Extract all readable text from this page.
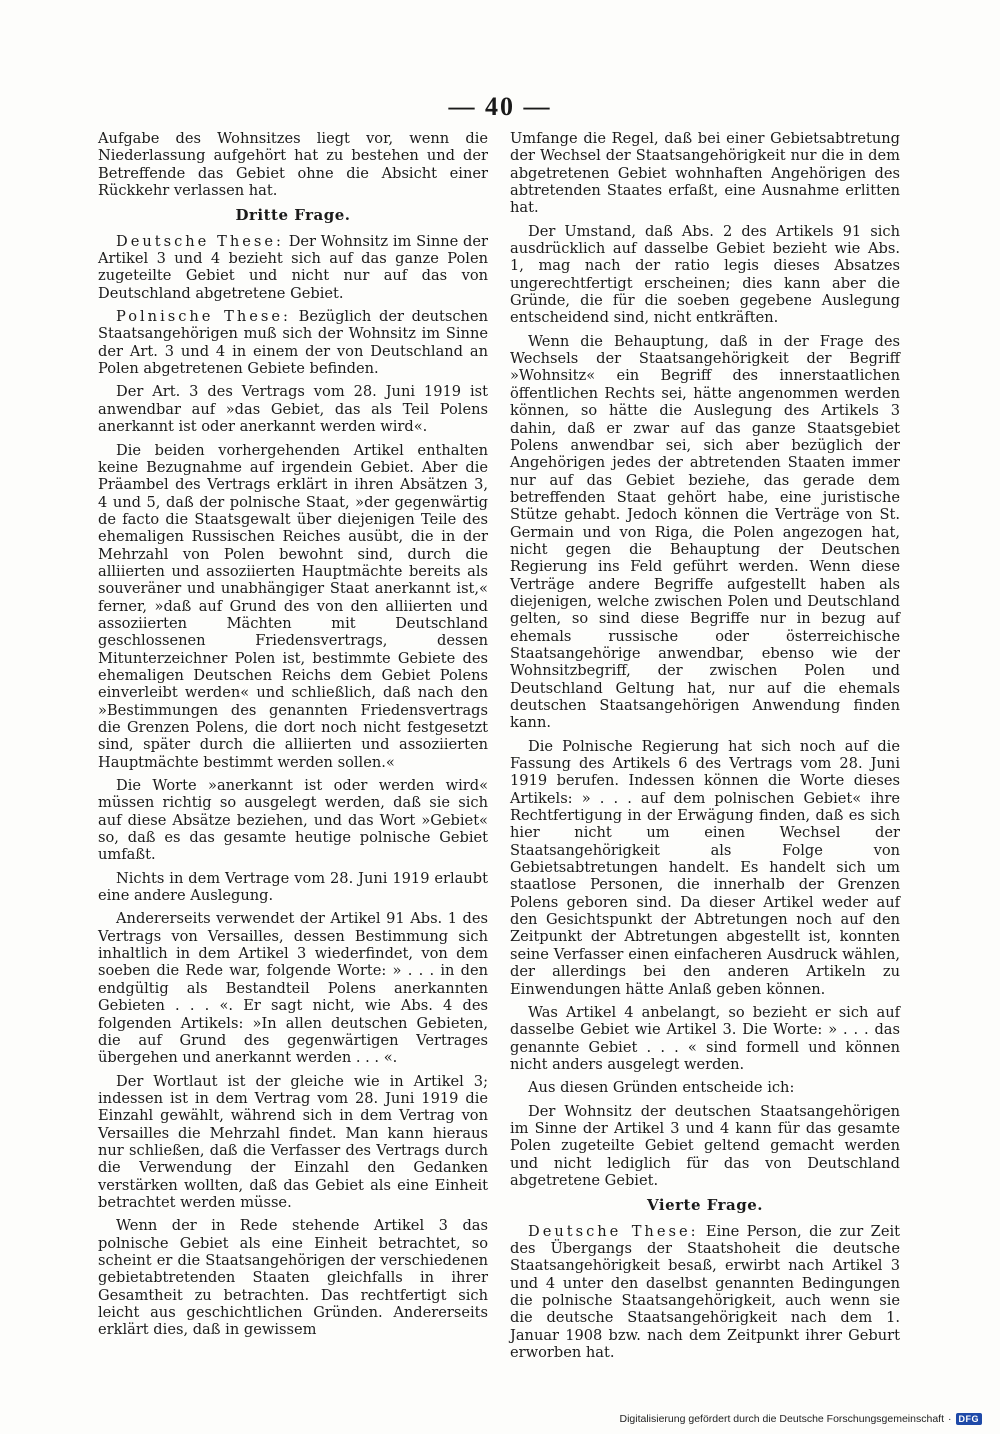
— 40 —

Aufgabe des Wohnsitzes liegt vor, wenn die Niederlassung aufgehört hat zu bestehen und der Betreffende das Gebiet ohne die Absicht einer Rückkehr verlassen hat.

Dritte Frage.

Deutsche These: Der Wohnsitz im Sinne der Artikel 3 und 4 bezieht sich auf das ganze Polen zugeteilte Gebiet und nicht nur auf das von Deutschland abgetretene Gebiet.

Polnische These: Bezüglich der deutschen Staatsangehörigen muß sich der Wohnsitz im Sinne der Art. 3 und 4 in einem der von Deutschland an Polen abgetretenen Gebiete befinden.

Der Art. 3 des Vertrags vom 28. Juni 1919 ist anwendbar auf »das Gebiet, das als Teil Polens anerkannt ist oder anerkannt werden wird«.

Die beiden vorhergehenden Artikel enthalten keine Bezugnahme auf irgendein Gebiet. Aber die Präambel des Vertrags erklärt in ihren Absätzen 3, 4 und 5, daß der polnische Staat, »der gegenwärtig de facto die Staatsgewalt über diejenigen Teile des ehemaligen Russischen Reiches ausübt, die in der Mehrzahl von Polen bewohnt sind, durch die alliierten und assoziierten Hauptmächte bereits als souveräner und unabhängiger Staat anerkannt ist,« ferner, »daß auf Grund des von den alliierten und assoziierten Mächten mit Deutschland geschlossenen Friedensvertrags, dessen Mitunterzeichner Polen ist, bestimmte Gebiete des ehemaligen Deutschen Reichs dem Gebiet Polens einverleibt werden« und schließlich, daß nach den »Bestimmungen des genannten Friedensvertrags die Grenzen Polens, die dort noch nicht festgesetzt sind, später durch die alliierten und assoziierten Hauptmächte bestimmt werden sollen.«

Die Worte »anerkannt ist oder werden wird« müssen richtig so ausgelegt werden, daß sie sich auf diese Absätze beziehen, und das Wort »Gebiet« so, daß es das gesamte heutige polnische Gebiet umfaßt.

Nichts in dem Vertrage vom 28. Juni 1919 erlaubt eine andere Auslegung.

Andererseits verwendet der Artikel 91 Abs. 1 des Vertrags von Versailles, dessen Bestimmung sich inhaltlich in dem Artikel 3 wiederfindet, von dem soeben die Rede war, folgende Worte: » . . . in den endgültig als Bestandteil Polens anerkannten Gebieten . . . «. Er sagt nicht, wie Abs. 4 des folgenden Artikels: »In allen deutschen Gebieten, die auf Grund des gegenwärtigen Vertrages übergehen und anerkannt werden . . . «.

Der Wortlaut ist der gleiche wie in Artikel 3; indessen ist in dem Vertrag vom 28. Juni 1919 die Einzahl gewählt, während sich in dem Vertrag von Versailles die Mehrzahl findet. Man kann hieraus nur schließen, daß die Verfasser des Vertrags durch die Verwendung der Einzahl den Gedanken verstärken wollten, daß das Gebiet als eine Einheit betrachtet werden müsse.

Wenn der in Rede stehende Artikel 3 das polnische Gebiet als eine Einheit betrachtet, so scheint er die Staatsangehörigen der verschiedenen gebietabtretenden Staaten gleichfalls in ihrer Gesamtheit zu betrachten. Das rechtfertigt sich leicht aus geschichtlichen Gründen. Andererseits erklärt dies, daß in gewissem

Umfange die Regel, daß bei einer Gebietsabtretung der Wechsel der Staatsangehörigkeit nur die in dem abgetretenen Gebiet wohnhaften Angehörigen des abtretenden Staates erfaßt, eine Ausnahme erlitten hat.

Der Umstand, daß Abs. 2 des Artikels 91 sich ausdrücklich auf dasselbe Gebiet bezieht wie Abs. 1, mag nach der ratio legis dieses Absatzes ungerechtfertigt erscheinen; dies kann aber die Gründe, die für die soeben gegebene Auslegung entscheidend sind, nicht entkräften.

Wenn die Behauptung, daß in der Frage des Wechsels der Staatsangehörigkeit der Begriff »Wohnsitz« ein Begriff des innerstaatlichen öffentlichen Rechts sei, hätte angenommen werden können, so hätte die Auslegung des Artikels 3 dahin, daß er zwar auf das ganze Staatsgebiet Polens anwendbar sei, sich aber bezüglich der Angehörigen jedes der abtretenden Staaten immer nur auf das Gebiet beziehe, das gerade dem betreffenden Staat gehört habe, eine juristische Stütze gehabt. Jedoch können die Verträge von St. Germain und von Riga, die Polen angezogen hat, nicht gegen die Behauptung der Deutschen Regierung ins Feld geführt werden. Wenn diese Verträge andere Begriffe aufgestellt haben als diejenigen, welche zwischen Polen und Deutschland gelten, so sind diese Begriffe nur in bezug auf ehemals russische oder österreichische Staatsangehörige anwendbar, ebenso wie der Wohnsitzbegriff, der zwischen Polen und Deutschland Geltung hat, nur auf die ehemals deutschen Staatsangehörigen Anwendung finden kann.

Die Polnische Regierung hat sich noch auf die Fassung des Artikels 6 des Vertrags vom 28. Juni 1919 berufen. Indessen können die Worte dieses Artikels: » . . . auf dem polnischen Gebiet« ihre Rechtfertigung in der Erwägung finden, daß es sich hier nicht um einen Wechsel der Staatsangehörigkeit als Folge von Gebietsabtretungen handelt. Es handelt sich um staatlose Personen, die innerhalb der Grenzen Polens geboren sind. Da dieser Artikel weder auf den Gesichtspunkt der Abtretungen noch auf den Zeitpunkt der Abtretungen abgestellt ist, konnten seine Verfasser einen einfacheren Ausdruck wählen, der allerdings bei den anderen Artikeln zu Einwendungen hätte Anlaß geben können.

Was Artikel 4 anbelangt, so bezieht er sich auf dasselbe Gebiet wie Artikel 3. Die Worte: » . . . das genannte Gebiet . . . « sind formell und können nicht anders ausgelegt werden.

Aus diesen Gründen entscheide ich:

Der Wohnsitz der deutschen Staatsangehörigen im Sinne der Artikel 3 und 4 kann für das gesamte Polen zugeteilte Gebiet geltend gemacht werden und nicht lediglich für das von Deutschland abgetretene Gebiet.

Vierte Frage.

Deutsche These: Eine Person, die zur Zeit des Übergangs der Staatshoheit die deutsche Staatsangehörigkeit besaß, erwirbt nach Artikel 3 und 4 unter den daselbst genannten Bedingungen die polnische Staatsangehörigkeit, auch wenn sie die deutsche Staatsangehörigkeit nach dem 1. Januar 1908 bzw. nach dem Zeitpunkt ihrer Geburt erworben hat.

Digitalisierung gefördert durch die Deutsche Forschungsgemeinschaft · DFG
